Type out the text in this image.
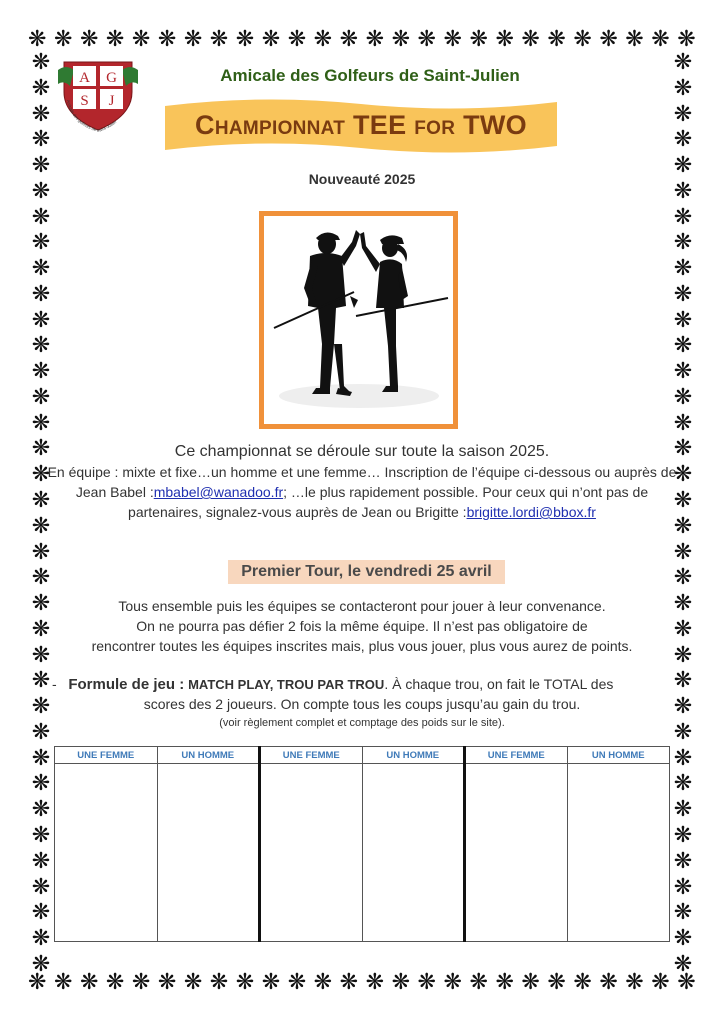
❋ ❋ ❋ ❋ ❋ ❋ ❋ ❋ ❋ ❋ ❋ ❋ ❋ ❋ ❋ ❋ ❋ ❋ ❋ ❋ ❋ ❋ ❋ ❋ ❋ ❋
❋ ❋ ❋ ❋ ❋ ❋ ❋ ❋ ❋ ❋ ❋ ❋ ❋ ❋ ❋ ❋ ❋ ❋ ❋ ❋ ❋ ❋ ❋ ❋ ❋ ❋
❋
❋
❋
❋
❋
❋
❋
❋
❋
❋
❋
❋
❋
❋
❋
❋
❋
❋
❋
❋
❋
❋
❋
❋
❋
❋
❋
❋
❋
❋
❋
❋
❋
❋
❋
❋
❋
❋
❋
❋
❋
❋
❋
❋
❋
❋
❋
❋
❋
❋
❋
❋
❋
❋
❋
❋
❋
❋
❋
❋
❋
❋
❋
❋
❋
❋
❋
❋
❋
❋
❋
❋
A G
S J
Amicale des golfeurs de Saint-Julien
Amicale des Golfeurs de Saint-Julien
CHAMPIONNAT TEE FOR TWO
Nouveauté 2025
Ce championnat se déroule sur toute la saison 2025.
En équipe : mixte et fixe…un homme et une femme… Inscription de l’équipe ci-dessous ou auprès de Jean Babel :mbabel@wanadoo.fr; …le plus rapidement possible. Pour ceux qui n’ont pas de partenaires, signalez-vous auprès de Jean ou Brigitte :brigitte.lordi@bbox.fr
Premier Tour, le vendredi 25 avril
Tous ensemble puis les équipes se contacteront pour jouer à leur convenance.
On ne pourra pas défier 2 fois la même équipe. Il n’est pas obligatoire de
rencontrer toutes les équipes inscrites mais, plus vous jouer, plus vous aurez de points.
- Formule de jeu : MATCH PLAY, TROU PAR TROU. À chaque trou, on fait le TOTAL des
scores des 2 joueurs. On compte tous les coups jusqu’au gain du trou.
(voir règlement complet et comptage des poids sur le site).
UNE FEMME	UN HOMME	UNE FEMME	UN HOMME	UNE FEMME	UN HOMME
